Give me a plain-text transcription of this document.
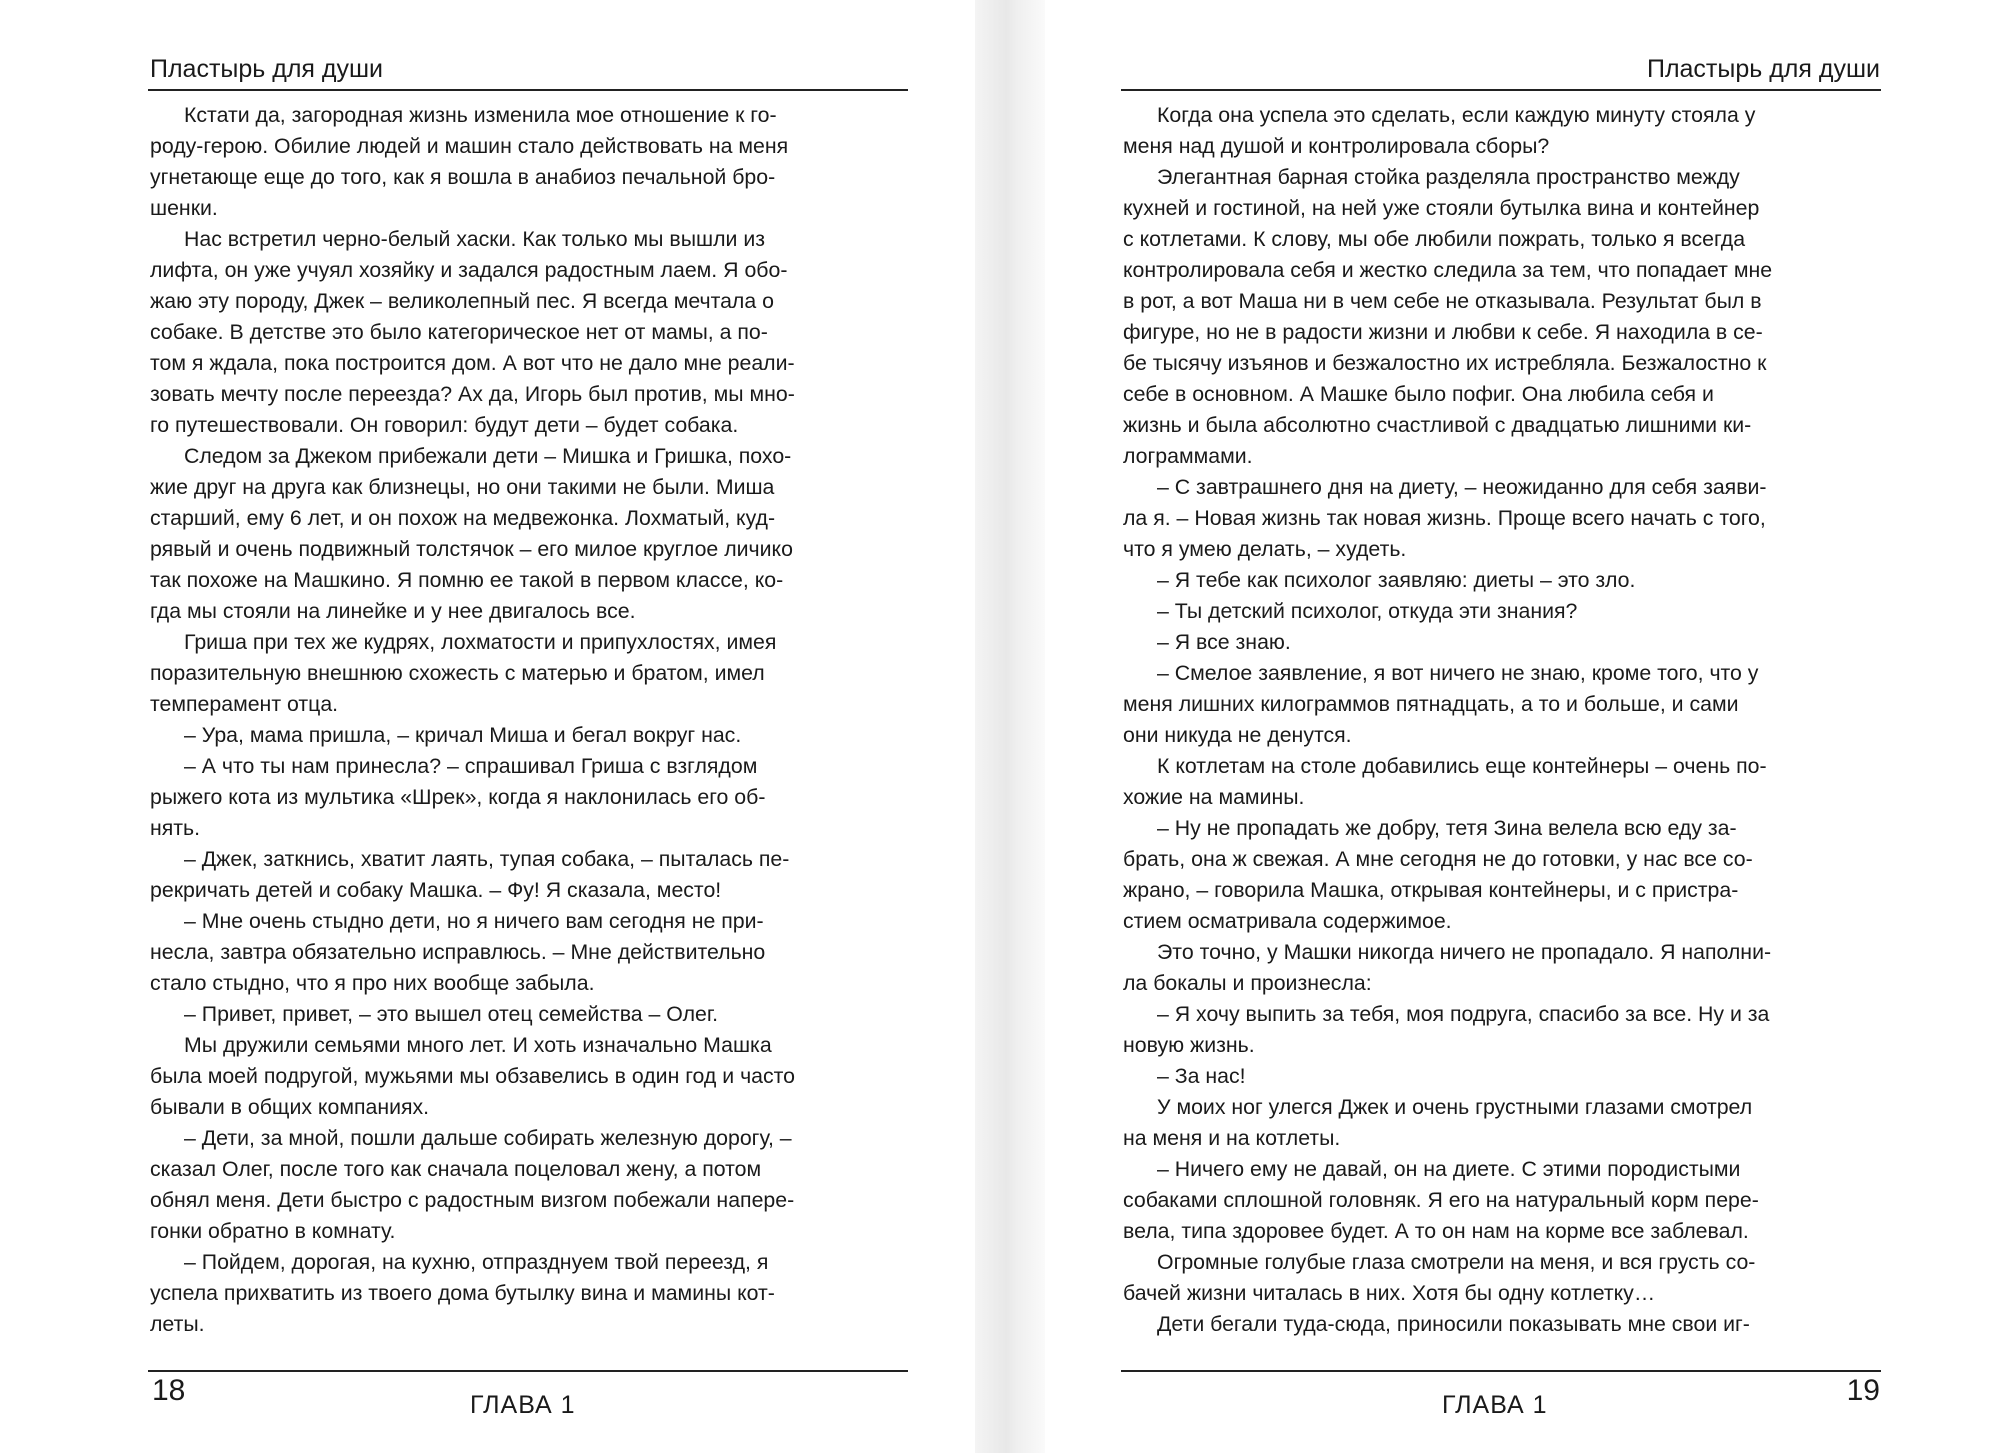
Пластырь для души
Кстати да, загородная жизнь изменила мое отношение к го-
роду-герою. Обилие людей и машин стало действовать на меня
угнетающе еще до того, как я вошла в анабиоз печальной бро-
шенки.
Нас встретил черно-белый хаски. Как только мы вышли из
лифта, он уже учуял хозяйку и задался радостным лаем. Я обо-
жаю эту породу, Джек – великолепный пес. Я всегда мечтала о
собаке. В детстве это было категорическое нет от мамы, а по-
том я ждала, пока построится дом. А вот что не дало мне реали-
зовать мечту после переезда? Ах да, Игорь был против, мы мно-
го путешествовали. Он говорил: будут дети – будет собака.
Следом за Джеком прибежали дети – Мишка и Гришка, похо-
жие друг на друга как близнецы, но они такими не были. Миша
старший, ему 6 лет, и он похож на медвежонка. Лохматый, куд-
рявый и очень подвижный толстячок – его милое круглое личико
так похоже на Машкино. Я помню ее такой в первом классе, ко-
гда мы стояли на линейке и у нее двигалось все.
Гриша при тех же кудрях, лохматости и припухлостях, имея
поразительную внешнюю схожесть с матерью и братом, имел
темперамент отца.
– Ура, мама пришла, – кричал Миша и бегал вокруг нас.
– А что ты нам принесла? – спрашивал Гриша с взглядом
рыжего кота из мультика «Шрек», когда я наклонилась его об-
нять.
– Джек, заткнись, хватит лаять, тупая собака, – пыталась пе-
рекричать детей и собаку Машка. – Фу! Я сказала, место!
– Мне очень стыдно дети, но я ничего вам сегодня не при-
несла, завтра обязательно исправлюсь. – Мне действительно
стало стыдно, что я про них вообще забыла.
– Привет, привет, – это вышел отец семейства – Олег.
Мы дружили семьями много лет. И хоть изначально Машка
была моей подругой, мужьями мы обзавелись в один год и часто
бывали в общих компаниях.
– Дети, за мной, пошли дальше собирать железную дорогу, –
сказал Олег, после того как сначала поцеловал жену, а потом
обнял меня. Дети быстро с радостным визгом побежали напере-
гонки обратно в комнату.
– Пойдем, дорогая, на кухню, отпразднуем твой переезд, я
успела прихватить из твоего дома бутылку вина и мамины кот-
леты.
18	ГЛАВА 1
Пластырь для души
Когда она успела это сделать, если каждую минуту стояла у
меня над душой и контролировала сборы?
Элегантная барная стойка разделяла пространство между
кухней и гостиной, на ней уже стояли бутылка вина и контейнер
с котлетами. К слову, мы обе любили пожрать, только я всегда
контролировала себя и жестко следила за тем, что попадает мне
в рот, а вот Маша ни в чем себе не отказывала. Результат был в
фигуре, но не в радости жизни и любви к себе. Я находила в се-
бе тысячу изъянов и безжалостно их истребляла. Безжалостно к
себе в основном. А Машке было пофиг. Она любила себя и
жизнь и была абсолютно счастливой с двадцатью лишними ки-
лограммами.
– С завтрашнего дня на диету, – неожиданно для себя заяви-
ла я. – Новая жизнь так новая жизнь. Проще всего начать с того,
что я умею делать, – худеть.
– Я тебе как психолог заявляю: диеты – это зло.
– Ты детский психолог, откуда эти знания?
– Я все знаю.
– Смелое заявление, я вот ничего не знаю, кроме того, что у
меня лишних килограммов пятнадцать, а то и больше, и сами
они никуда не денутся.
К котлетам на столе добавились еще контейнеры – очень по-
хожие на мамины.
– Ну не пропадать же добру, тетя Зина велела всю еду за-
брать, она ж свежая. А мне сегодня не до готовки, у нас все со-
жрано, – говорила Машка, открывая контейнеры, и с пристра-
стием осматривала содержимое.
Это точно, у Машки никогда ничего не пропадало. Я наполни-
ла бокалы и произнесла:
– Я хочу выпить за тебя, моя подруга, спасибо за все. Ну и за
новую жизнь.
– За нас!
У моих ног улегся Джек и очень грустными глазами смотрел
на меня и на котлеты.
– Ничего ему не давай, он на диете. С этими породистыми
собаками сплошной головняк. Я его на натуральный корм пере-
вела, типа здоровее будет. А то он нам на корме все заблевал.
Огромные голубые глаза смотрели на меня, и вся грусть со-
бачей жизни читалась в них. Хотя бы одну котлетку…
Дети бегали туда-сюда, приносили показывать мне свои иг-
19
ГЛАВА 1
